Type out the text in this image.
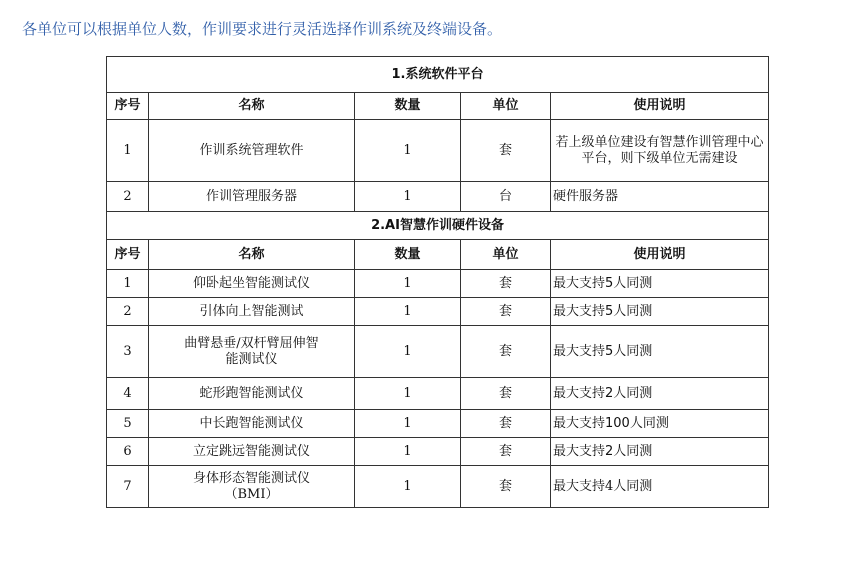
各单位可以根据单位人数，作训要求进行灵活选择作训系统及终端设备。
1.系统软件平台				
序号	名称	数量	单位	使用说明
1	作训系统管理软件	1	套	若上级单位建设有智慧作训管理中心平台，则下级单位无需建设
2	作训管理服务器	1	台	硬件服务器
2.AI智慧作训硬件设备				
序号	名称	数量	单位	使用说明
1	仰卧起坐智能测试仪	1	套	最大支持5人同测
2	引体向上智能测试	1	套	最大支持5人同测
3	曲臂悬垂/双杆臂屈伸智能测试仪	1	套	最大支持5人同测
4	蛇形跑智能测试仪	1	套	最大支持2人同测
5	中长跑智能测试仪	1	套	最大支持100人同测
6	立定跳远智能测试仪	1	套	最大支持2人同测
7	身体形态智能测试仪（BMI）	1	套	最大支持4人同测
